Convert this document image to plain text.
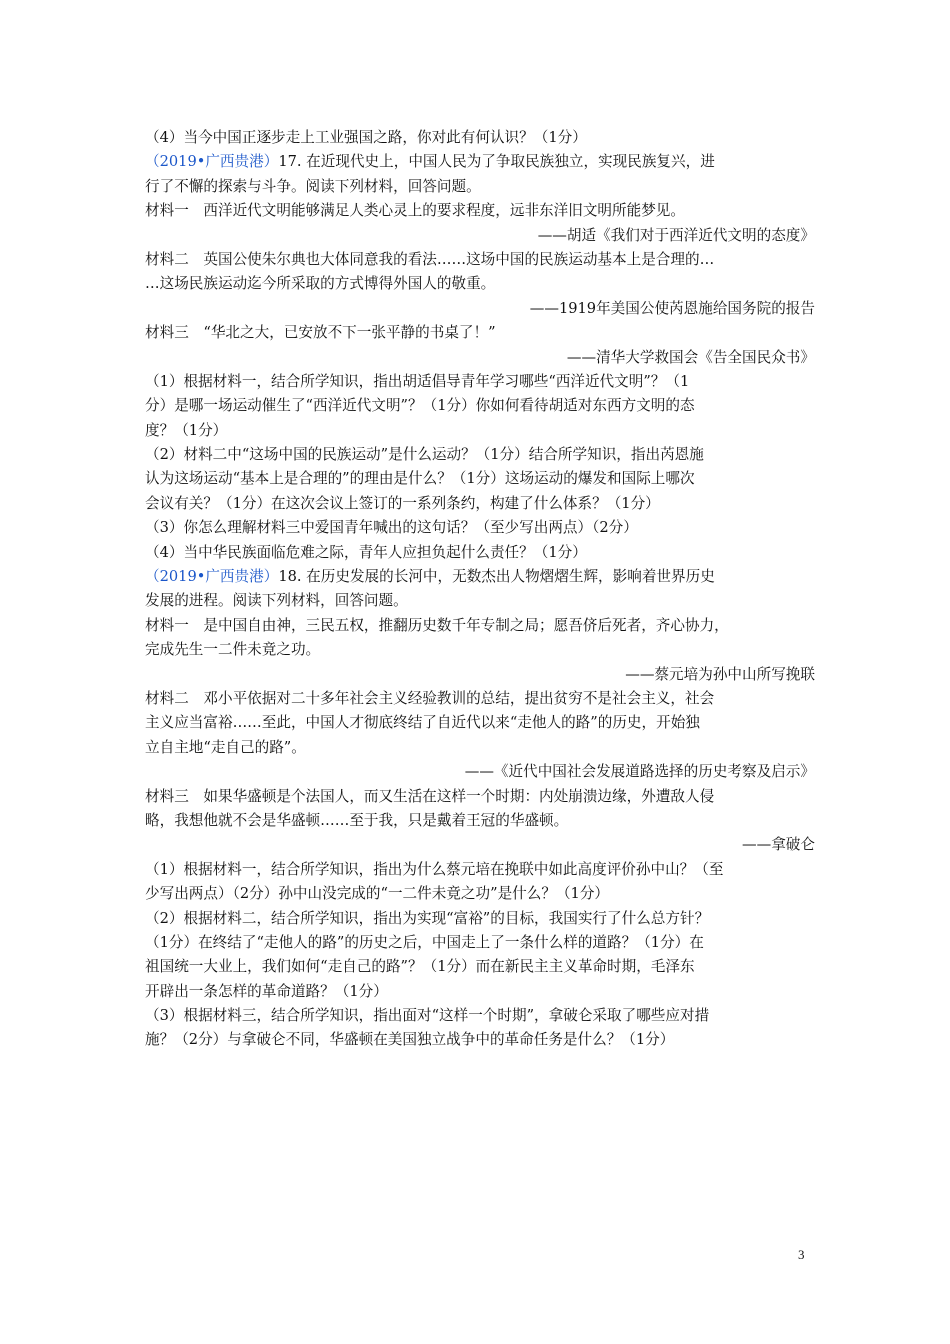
（4）当今中国正逐步走上工业强国之路，你对此有何认识？（1分）
（2019•广西贵港）17. 在近现代史上，中国人民为了争取民族独立，实现民族复兴，进
行了不懈的探索与斗争。阅读下列材料，回答问题。
材料一　西洋近代文明能够满足人类心灵上的要求程度，远非东洋旧文明所能梦见。
——胡适《我们对于西洋近代文明的态度》
材料二　英国公使朱尔典也大体同意我的看法……这场中国的民族运动基本上是合理的…
…这场民族运动迄今所采取的方式博得外国人的敬重。
——1919年美国公使芮恩施给国务院的报告
材料三　“华北之大，已安放不下一张平静的书桌了！”
——清华大学救国会《告全国民众书》
（1）根据材料一，结合所学知识，指出胡适倡导青年学习哪些“西洋近代文明”？（1
分）是哪一场运动催生了“西洋近代文明”？（1分）你如何看待胡适对东西方文明的态
度？（1分）
（2）材料二中“这场中国的民族运动”是什么运动？（1分）结合所学知识，指出芮恩施
认为这场运动“基本上是合理的”的理由是什么？（1分）这场运动的爆发和国际上哪次
会议有关？（1分）在这次会议上签订的一系列条约，构建了什么体系？（1分）
（3）你怎么理解材料三中爱国青年喊出的这句话？（至少写出两点）（2分）
（4）当中华民族面临危难之际，青年人应担负起什么责任？（1分）
（2019•广西贵港）18. 在历史发展的长河中，无数杰出人物熠熠生辉，影响着世界历史
发展的进程。阅读下列材料，回答问题。
材料一　是中国自由神，三民五权，推翻历史数千年专制之局；愿吾侪后死者，齐心协力，
完成先生一二件未竟之功。
——蔡元培为孙中山所写挽联
材料二　邓小平依据对二十多年社会主义经验教训的总结，提出贫穷不是社会主义，社会
主义应当富裕……至此，中国人才彻底终结了自近代以来“走他人的路”的历史，开始独
立自主地“走自己的路”。
——《近代中国社会发展道路选择的历史考察及启示》
材料三　如果华盛顿是个法国人，而又生活在这样一个时期：内处崩溃边缘，外遭敌人侵
略，我想他就不会是华盛顿……至于我，只是戴着王冠的华盛顿。
——拿破仑
（1）根据材料一，结合所学知识，指出为什么蔡元培在挽联中如此高度评价孙中山？（至
少写出两点）（2分）孙中山没完成的“一二件未竟之功”是什么？（1分）
（2）根据材料二，结合所学知识，指出为实现“富裕”的目标，我国实行了什么总方针？
（1分）在终结了“走他人的路”的历史之后，中国走上了一条什么样的道路？（1分）在
祖国统一大业上，我们如何“走自己的路”？（1分）而在新民主主义革命时期，毛泽东
开辟出一条怎样的革命道路？（1分）
（3）根据材料三，结合所学知识，指出面对“这样一个时期”，拿破仑采取了哪些应对措
施？（2分）与拿破仑不同，华盛顿在美国独立战争中的革命任务是什么？（1分）
3
